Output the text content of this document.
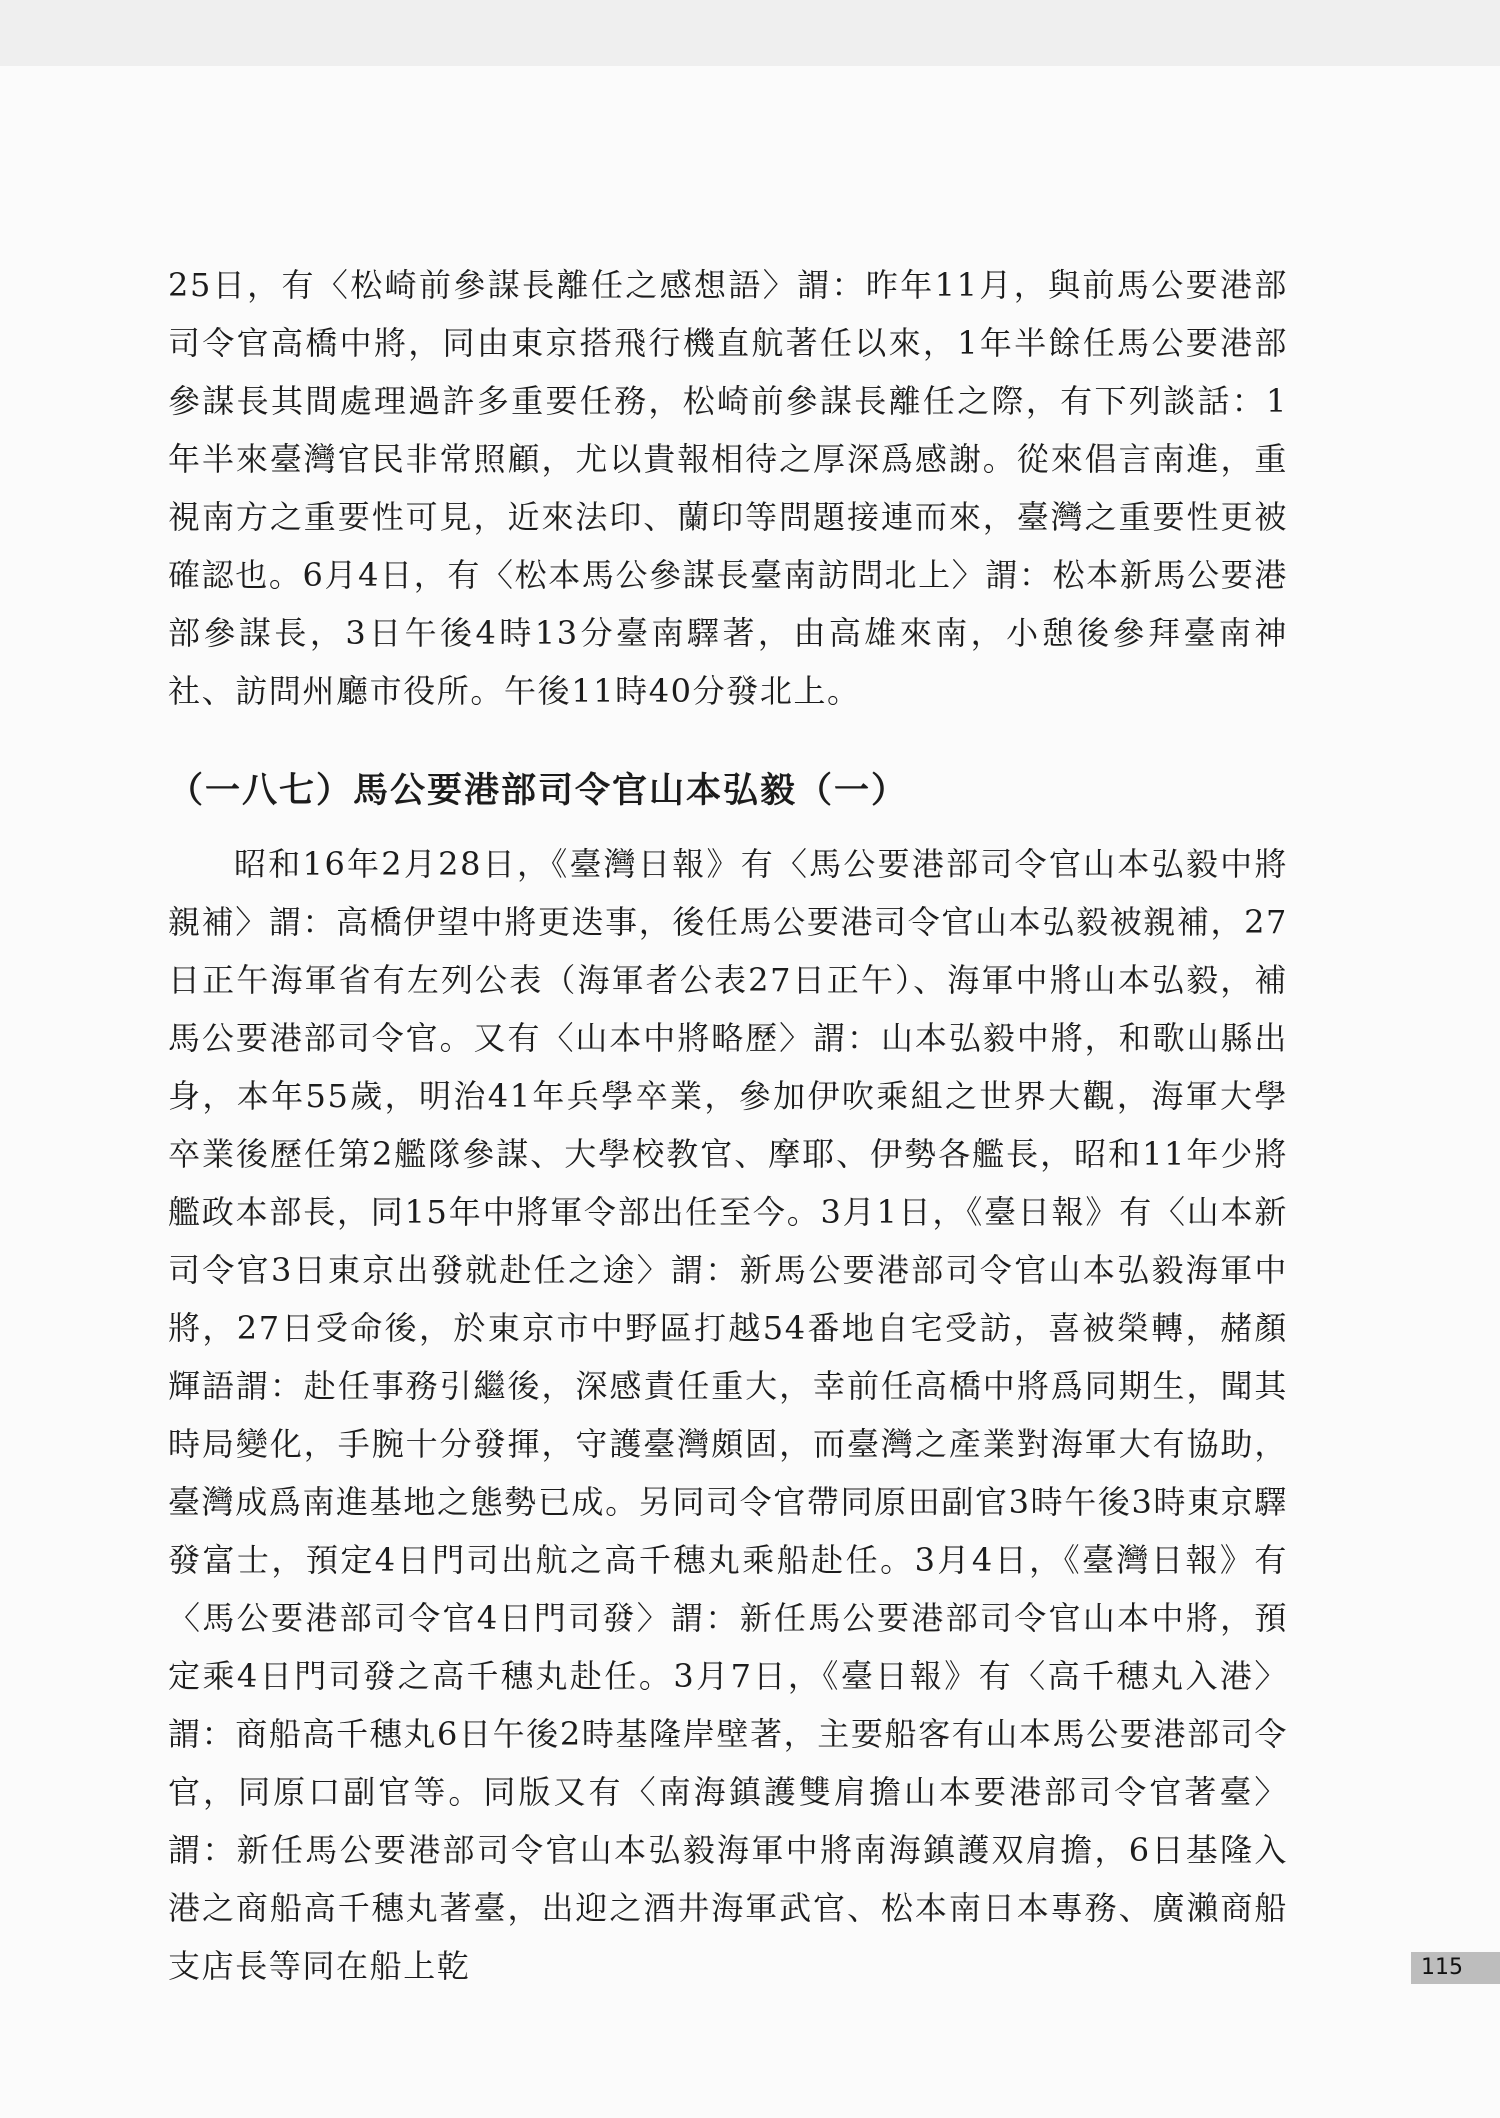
25日，有〈松崎前參謀長離任之感想語〉謂：昨年11月，與前馬公要港部司令官高橋中將，同由東京搭飛行機直航著任以來，1年半餘任馬公要港部參謀長其間處理過許多重要任務，松崎前參謀長離任之際，有下列談話：1年半來臺灣官民非常照顧，尤以貴報相待之厚深爲感謝。從來倡言南進，重視南方之重要性可見，近來法印、蘭印等問題接連而來，臺灣之重要性更被確認也。6月4日，有〈松本馬公參謀長臺南訪問北上〉謂：松本新馬公要港部參謀長，3日午後4時13分臺南驛著，由高雄來南，小憩後參拜臺南神社、訪問州廳市役所。午後11時40分發北上。

（一八七）馬公要港部司令官山本弘毅（一）

昭和16年2月28日，《臺灣日報》有〈馬公要港部司令官山本弘毅中將親補〉謂：高橋伊望中將更迭事，後任馬公要港司令官山本弘毅被親補，27日正午海軍省有左列公表（海軍者公表27日正午）、海軍中將山本弘毅，補馬公要港部司令官。又有〈山本中將略歷〉謂：山本弘毅中將，和歌山縣出身，本年55歲，明治41年兵學卒業，參加伊吹乘組之世界大觀，海軍大學卒業後歷任第2艦隊參謀、大學校教官、摩耶、伊勢各艦長，昭和11年少將艦政本部長，同15年中將軍令部出任至今。3月1日，《臺日報》有〈山本新司令官3日東京出發就赴任之途〉謂：新馬公要港部司令官山本弘毅海軍中將，27日受命後，於東京市中野區打越54番地自宅受訪，喜被榮轉，赭顏輝語謂：赴任事務引繼後，深感責任重大，幸前任高橋中將爲同期生，聞其時局變化，手腕十分發揮，守護臺灣頗固，而臺灣之產業對海軍大有協助，臺灣成爲南進基地之態勢已成。另同司令官帶同原田副官3時午後3時東京驛發富士，預定4日門司出航之高千穗丸乘船赴任。3月4日，《臺灣日報》有〈馬公要港部司令官4日門司發〉謂：新任馬公要港部司令官山本中將，預定乘4日門司發之高千穗丸赴任。3月7日，《臺日報》有〈高千穗丸入港〉謂：商船高千穗丸6日午後2時基隆岸壁著，主要船客有山本馬公要港部司令官，同原口副官等。同版又有〈南海鎮護雙肩擔山本要港部司令官著臺〉謂：新任馬公要港部司令官山本弘毅海軍中將南海鎮護双肩擔，6日基隆入港之商船高千穗丸著臺，出迎之酒井海軍武官、松本南日本專務、廣瀨商船支店長等同在船上乾	115
